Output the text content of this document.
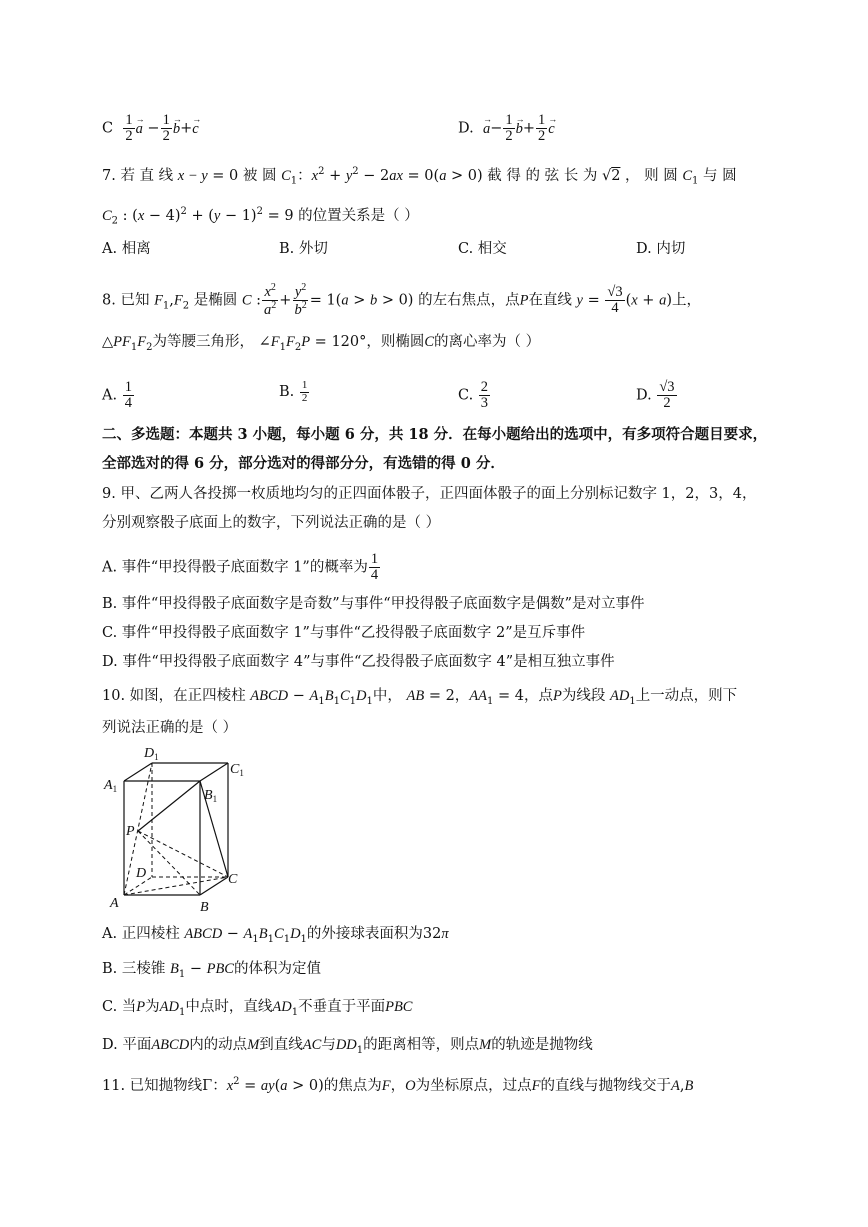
C $\frac{1}{2} \to a - \frac{1}{2} \to b+\to c$	D. → $a- \frac{1}{2} \to b+ \frac{1}{2} \to c$
7. 若 直 线 x − y = 0 被 圆 $C_1$：$x^2 + y^2 - 2ax = 0(a > 0)$ 截 得 的 弦 长 为 √2 ， 则 圆 $C_1$ 与 圆
$C_2$ : $(x - 4)^2 + (y - 1)^2 = 9$ 的位置关系是（ ）
A. 相离	B. 外切	C. 相交	D. 内切
8. 已知 $F_1,F_2$ 是椭圆 C : $\frac{x^2}{a^2} + \frac{y^2}{b^2} = 1(a > b > 0)$ 的左右焦点，点P在直线 $y = \frac{√3}{4} (x + a)$上，
$\triangle PF_1F_2$为等腰三角形， $\angle F_1F_2P = 120^\circ$，则椭圆C的离心率为（ ）
A. $\frac{1}{4}$	B. $\frac{1}{2}$	C. $\frac{2}{3}$	D. $\frac{√3}{2}$
二、多选题：本题共 3 小题，每小题 6 分，共 18 分．在每小题给出的选项中，有多项符合题目要求，
全部选对的得 6 分，部分选对的得部分分，有选错的得 0 分．
9. 甲、乙两人各投掷一枚质地均匀的正四面体骰子，正四面体骰子的面上分别标记数字 1，2，3，4，
分别观察骰子底面上的数字，下列说法正确的是（ ）
A. 事件“甲投得骰子底面数字 1”的概率为 $\frac{1}{4}$
B. 事件“甲投得骰子底面数字是奇数”与事件“甲投得骰子底面数字是偶数”是对立事件
C. 事件“甲投得骰子底面数字 1”与事件“乙投得骰子底面数字 2”是互斥事件
D. 事件“甲投得骰子底面数字 4”与事件“乙投得骰子底面数字 4”是相互独立事件
10. 如图，在正四棱柱 ABCD − $A_1B_1C_1D_1$中， AB = 2，$AA_1 = 4$，点P为线段 $AD_1$上一动点，则下
列说法正确的是（ ）
$D_1$
$C_1$
$A_1$	$B_1$
P
D	C
A	B
A. 正四棱柱 ABCD − $A_1B_1C_1D_1$的外接球表面积为32π
B. 三棱锥 $B_1$ − PBC的体积为定值
C. 当P为$AD_1$中点时，直线$AD_1$不垂直于平面PBC
D. 平面ABCD内的动点M到直线AC与$DD_1$的距离相等，则点M的轨迹是抛物线
11. 已知抛物线Γ：$x^2 = ay(a > 0)$的焦点为F，O为坐标原点，过点F的直线与抛物线交于A,B
